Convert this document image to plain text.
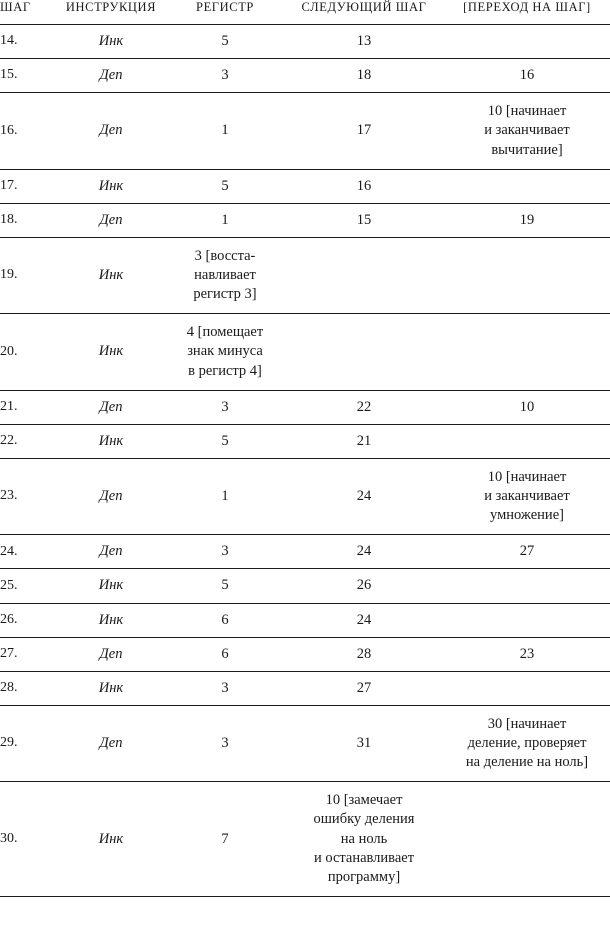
ШАГ	ИНСТРУКЦИЯ	РЕГИСТР	СЛЕДУЮЩИЙ ШАГ	[ПЕРЕХОД НА ШАГ]
14.	Инк	5	13	
15.	Деп	3	18	16
16.	Деп	1	17	10 [начинает
и заканчивает
вычитание]

17.	Инк	5	16	
18.	Деп	1	15	19
19.	Инк	3 [восста-
навливает
регистр 3]		

20.	Инк	4 [помещает
знак минуса
в регистр 4]		

21.	Деп	3	22	10
22.	Инк	5	21	
23.	Деп	1	24	10 [начинает
и заканчивает
умножение]

24.	Деп	3	24	27
25.	Инк	5	26	
26.	Инк	6	24	
27.	Деп	6	28	23
28.	Инк	3	27	
29.	Деп	3	31	30 [начинает
деление, проверяет
на деление на ноль]

30.	Инк	7	10 [замечает
ошибку деления
на ноль
и останавливает
программу]	
